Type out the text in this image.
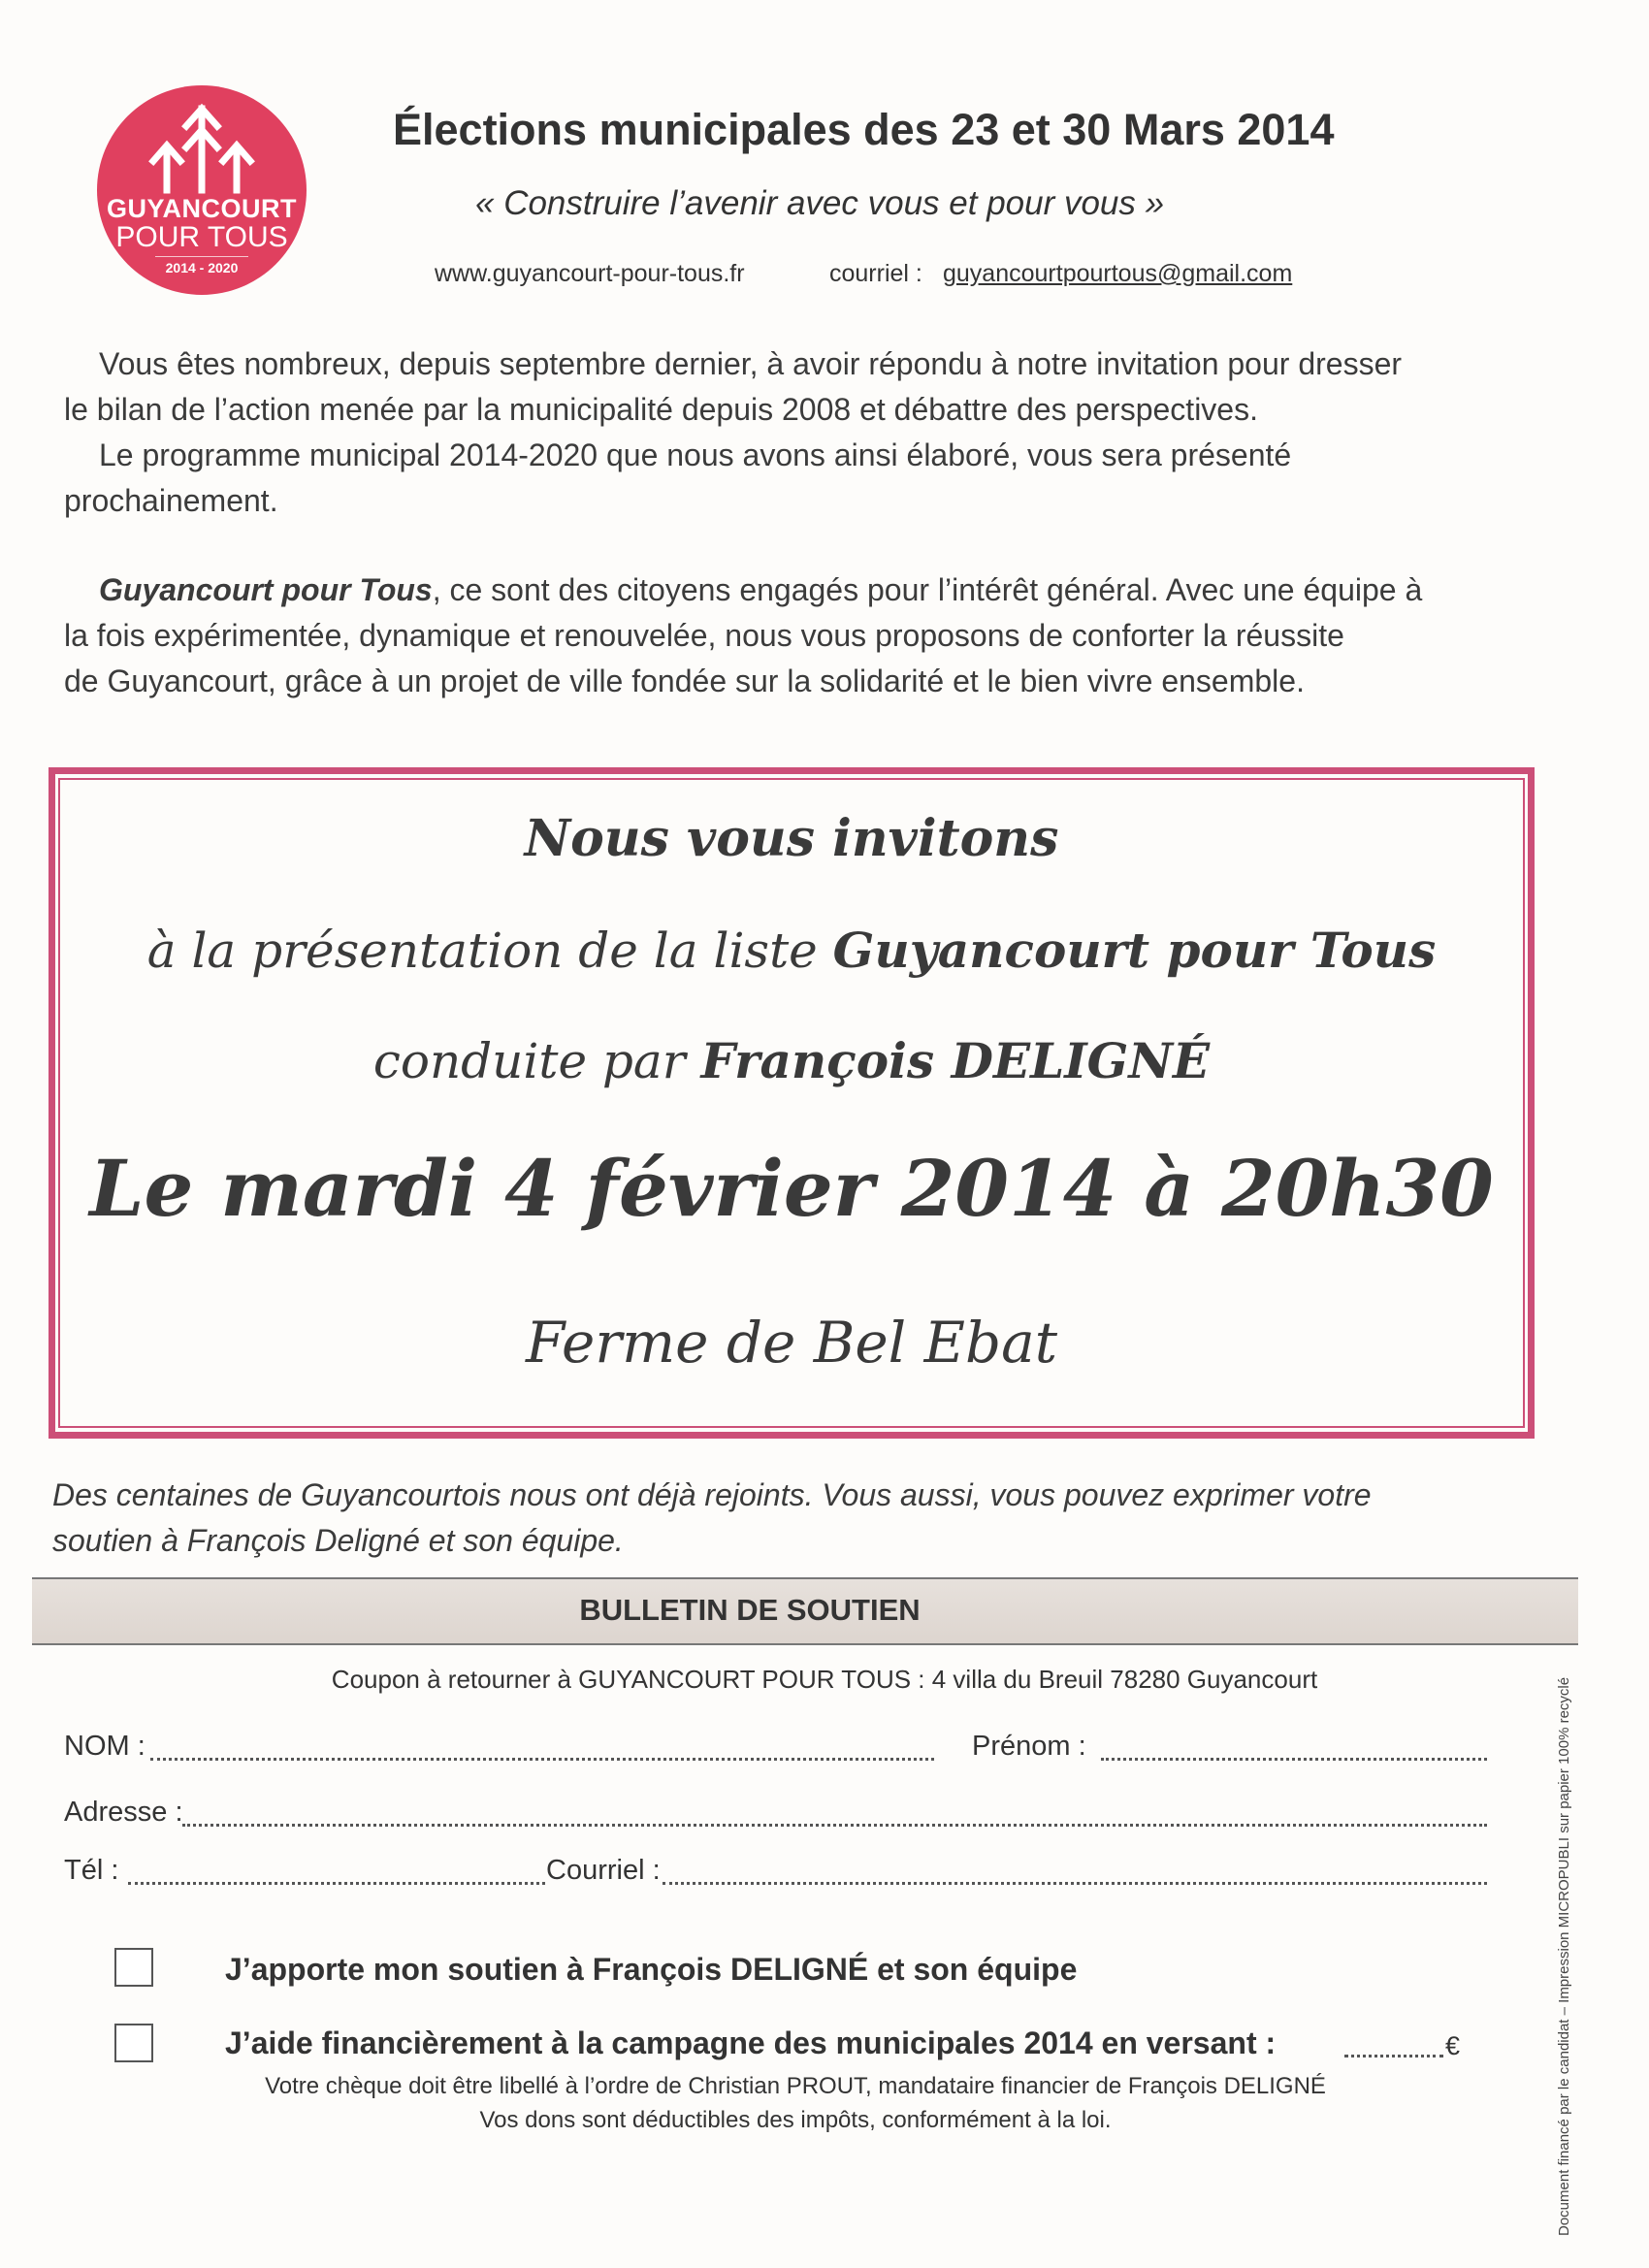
GUYANCOURT
POUR TOUS
2014 - 2020
Élections municipales des 23 et 30 Mars 2014
« Construire l’avenir avec vous et pour vous »
www.guyancourt-pour-tous.fr	courriel : guyancourtpourtous@gmail.com
Vous êtes nombreux, depuis septembre dernier, à avoir répondu à notre invitation pour dresser
le bilan de l’action menée par la municipalité depuis 2008 et débattre des perspectives.
Le programme municipal 2014-2020 que nous avons ainsi élaboré, vous sera présenté
prochainement.
Guyancourt pour Tous, ce sont des citoyens engagés pour l’intérêt général. Avec une équipe à
la fois expérimentée, dynamique et renouvelée, nous vous proposons de conforter la réussite
de Guyancourt, grâce à un projet de ville fondée sur la solidarité et le bien vivre ensemble.
Nous vous invitons
à la présentation de la liste Guyancourt pour Tous
conduite par François DELIGNÉ
Le mardi 4 février 2014 à 20h30
Ferme de Bel Ebat
Des centaines de Guyancourtois nous ont déjà rejoints. Vous aussi, vous pouvez exprimer votre
soutien à François Deligné et son équipe.
BULLETIN DE SOUTIEN
Coupon à retourner à GUYANCOURT POUR TOUS : 4 villa du Breuil 78280 Guyancourt
NOM :	Prénom :
Adresse :
Tél :	Courriel :
J’apporte mon soutien à François DELIGNÉ et son équipe
J’aide financièrement à la campagne des municipales 2014 en versant :	€
Votre chèque doit être libellé à l’ordre de Christian PROUT, mandataire financier de François DELIGNÉ
Vos dons sont déductibles des impôts, conformément à la loi.	Document financé par le candidat – Impression MICROPUBLI sur papier 100% recyclé
